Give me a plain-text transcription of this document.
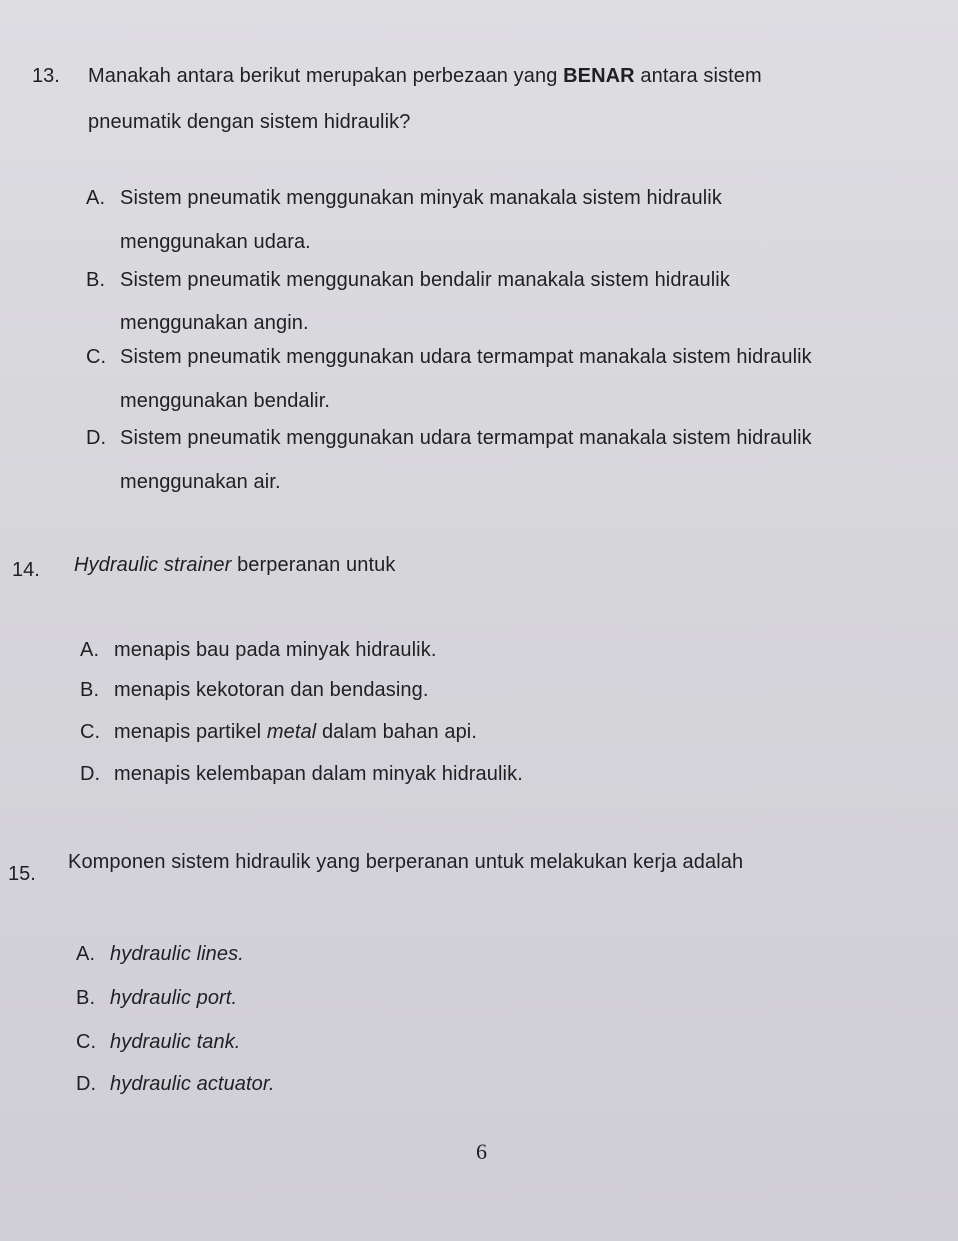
13. Manakah antara berikut merupakan perbezaan yang BENAR antara sistem
pneumatik dengan sistem hidraulik?
A. Sistem pneumatik menggunakan minyak manakala sistem hidraulik
menggunakan udara.
B. Sistem pneumatik menggunakan bendalir manakala sistem hidraulik
menggunakan angin.
C. Sistem pneumatik menggunakan udara termampat manakala sistem hidraulik
menggunakan bendalir.
D. Sistem pneumatik menggunakan udara termampat manakala sistem hidraulik
menggunakan air.
14. Hydraulic strainer berperanan untuk
A. menapis bau pada minyak hidraulik.
B. menapis kekotoran dan bendasing.
C. menapis partikel metal dalam bahan api.
D. menapis kelembapan dalam minyak hidraulik.
15.
Komponen sistem hidraulik yang berperanan untuk melakukan kerja adalah
A. hydraulic lines.
B. hydraulic port.
C. hydraulic tank.
D. hydraulic actuator.
6
